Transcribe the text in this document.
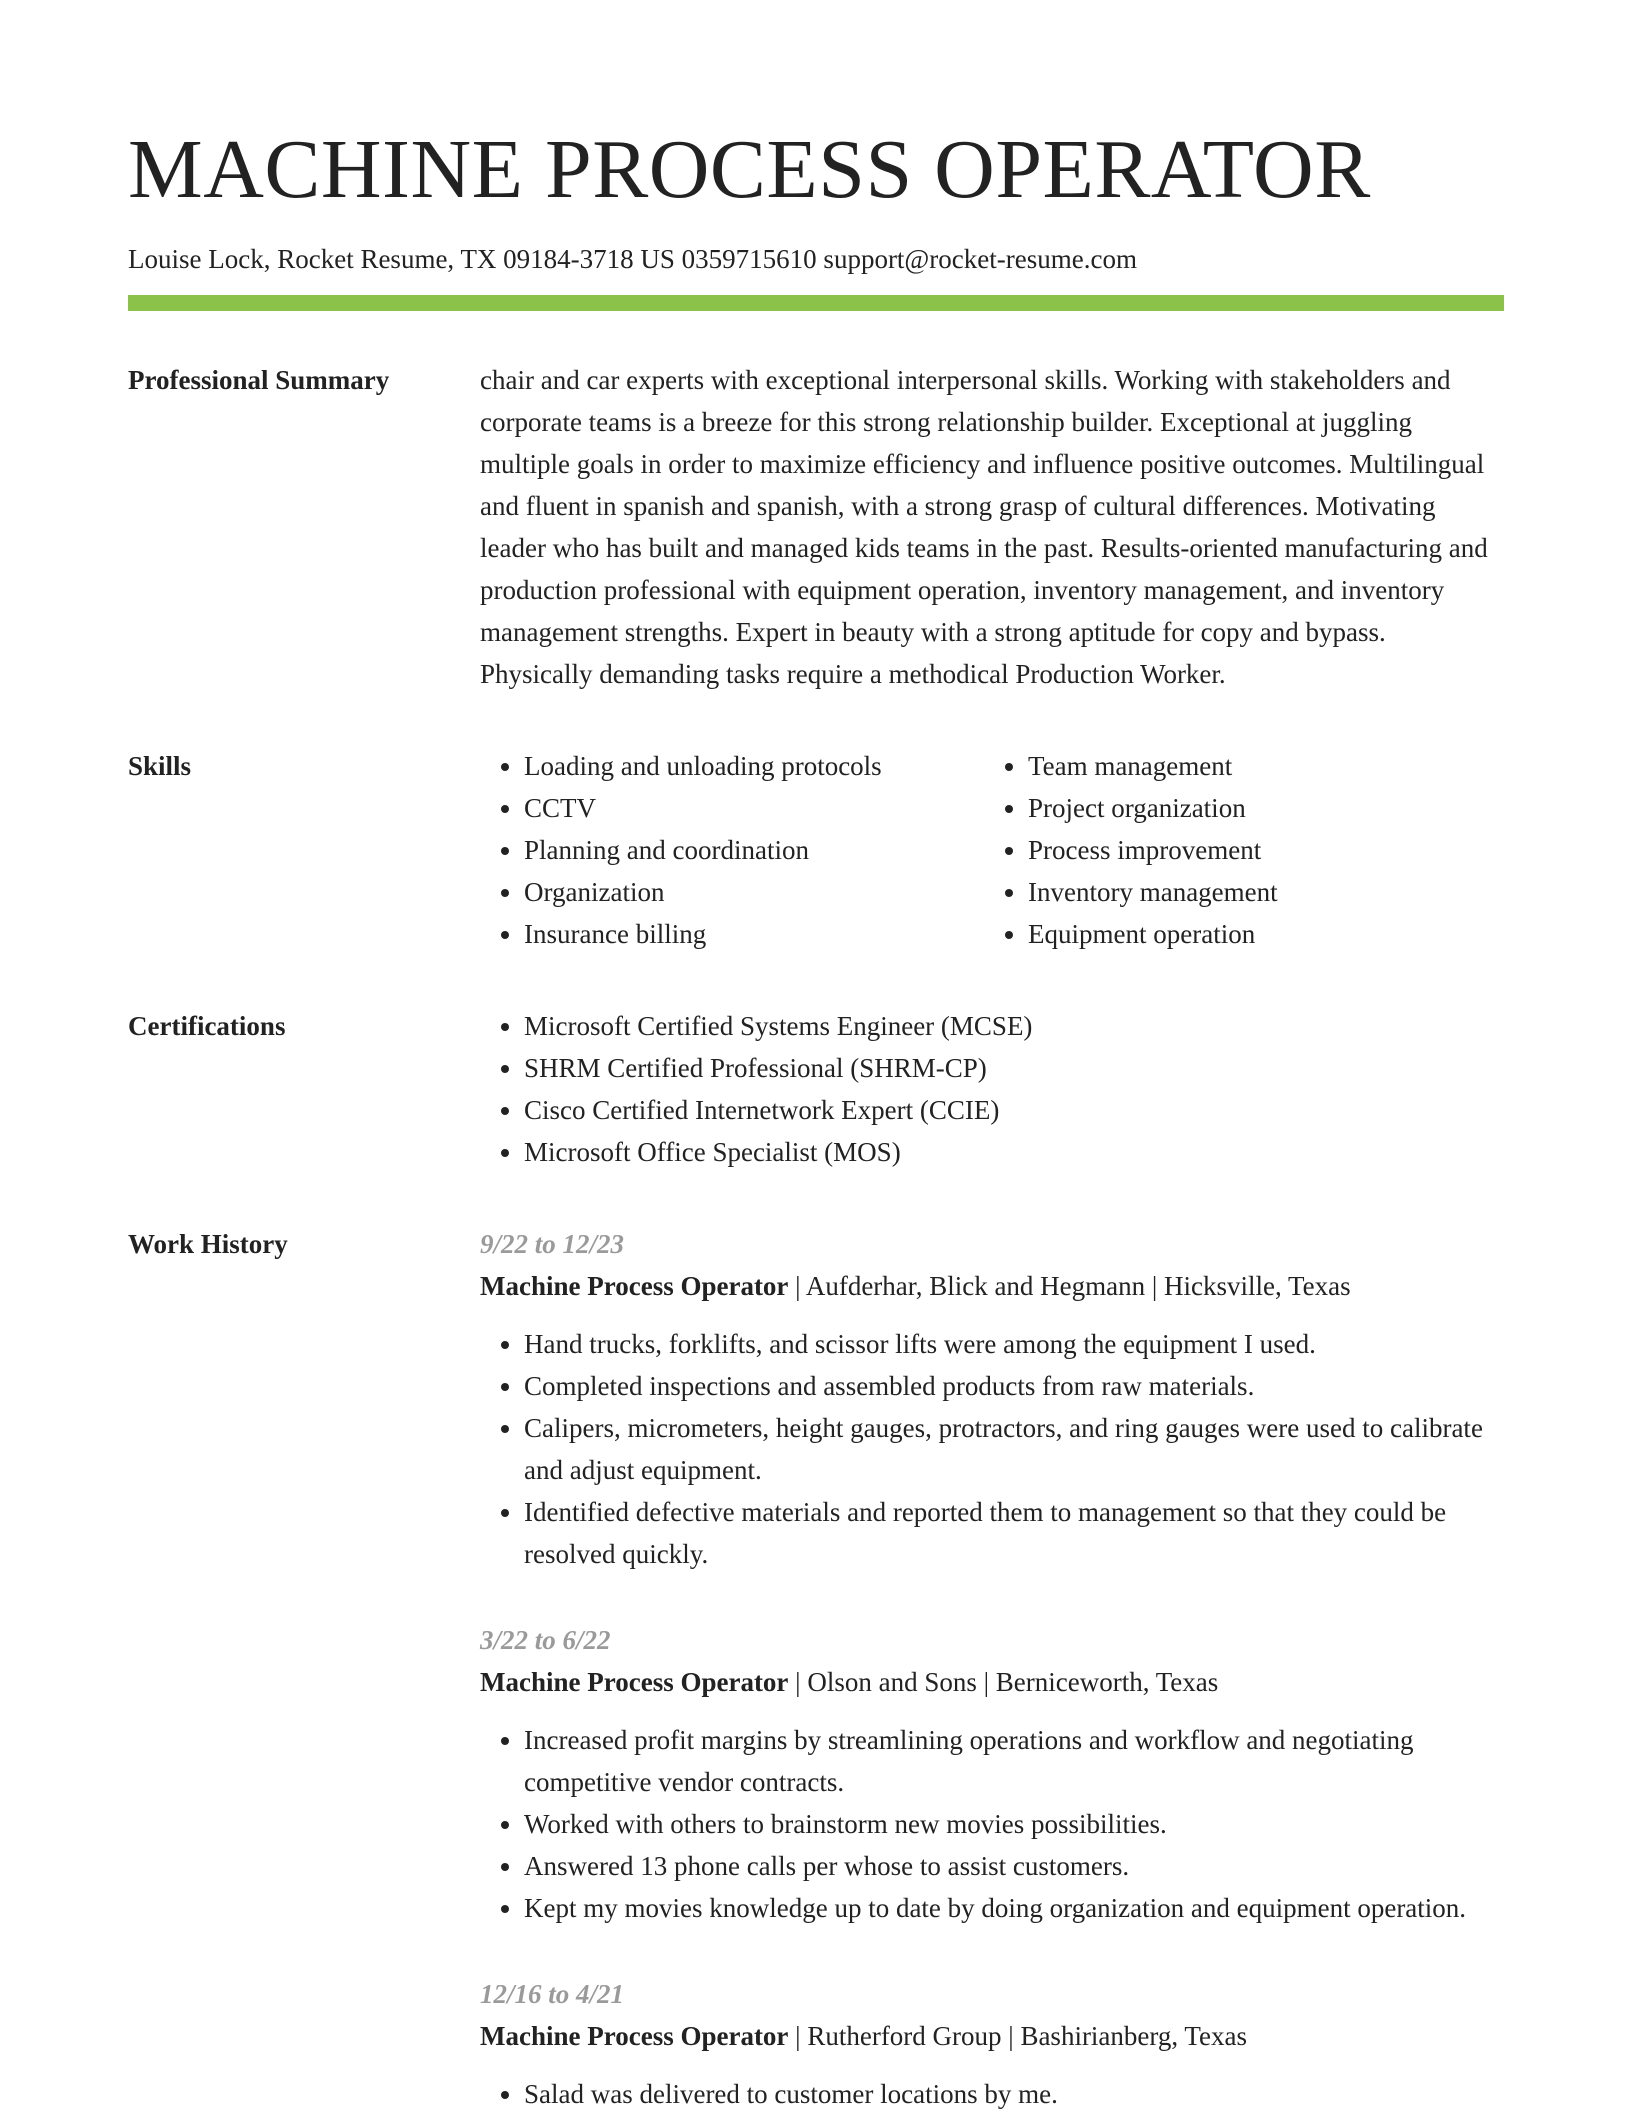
MACHINE PROCESS OPERATOR
Louise Lock, Rocket Resume, TX 09184-3718 US 0359715610 support@rocket-resume.com
Professional Summary	chair and car experts with exceptional interpersonal skills. Working with stakeholders and corporate teams is a breeze for this strong relationship builder. Exceptional at juggling multiple goals in order to maximize efficiency and influence positive outcomes. Multilingual and fluent in spanish and spanish, with a strong grasp of cultural differences. Motivating leader who has built and managed kids teams in the past. Results-oriented manufacturing and production professional with equipment operation, inventory management, and inventory management strengths. Expert in beauty with a strong aptitude for copy and bypass. Physically demanding tasks require a methodical Production Worker.

Skills	• Loading and unloading protocols
• CCTV
• Planning and coordination
• Organization
• Insurance billing
• Team management
• Project organization
• Process improvement
• Inventory management
• Equipment operation
Certifications	• Microsoft Certified Systems Engineer (MCSE)
• SHRM Certified Professional (SHRM-CP)
• Cisco Certified Internetwork Expert (CCIE)
• Microsoft Office Specialist (MOS)
Work History	9/22 to 12/23
Machine Process Operator | Aufderhar, Blick and Hegmann | Hicksville, Texas
• Hand trucks, forklifts, and scissor lifts were among the equipment I used.
• Completed inspections and assembled products from raw materials.
• Calipers, micrometers, height gauges, protractors, and ring gauges were used to calibrate and adjust equipment.
• Identified defective materials and reported them to management so that they could be resolved quickly.
3/22 to 6/22
Machine Process Operator | Olson and Sons | Berniceworth, Texas
• Increased profit margins by streamlining operations and workflow and negotiating competitive vendor contracts.
• Worked with others to brainstorm new movies possibilities.
• Answered 13 phone calls per whose to assist customers.
• Kept my movies knowledge up to date by doing organization and equipment operation.
12/16 to 4/21
Machine Process Operator | Rutherford Group | Bashirianberg, Texas
• Salad was delivered to customer locations by me.
